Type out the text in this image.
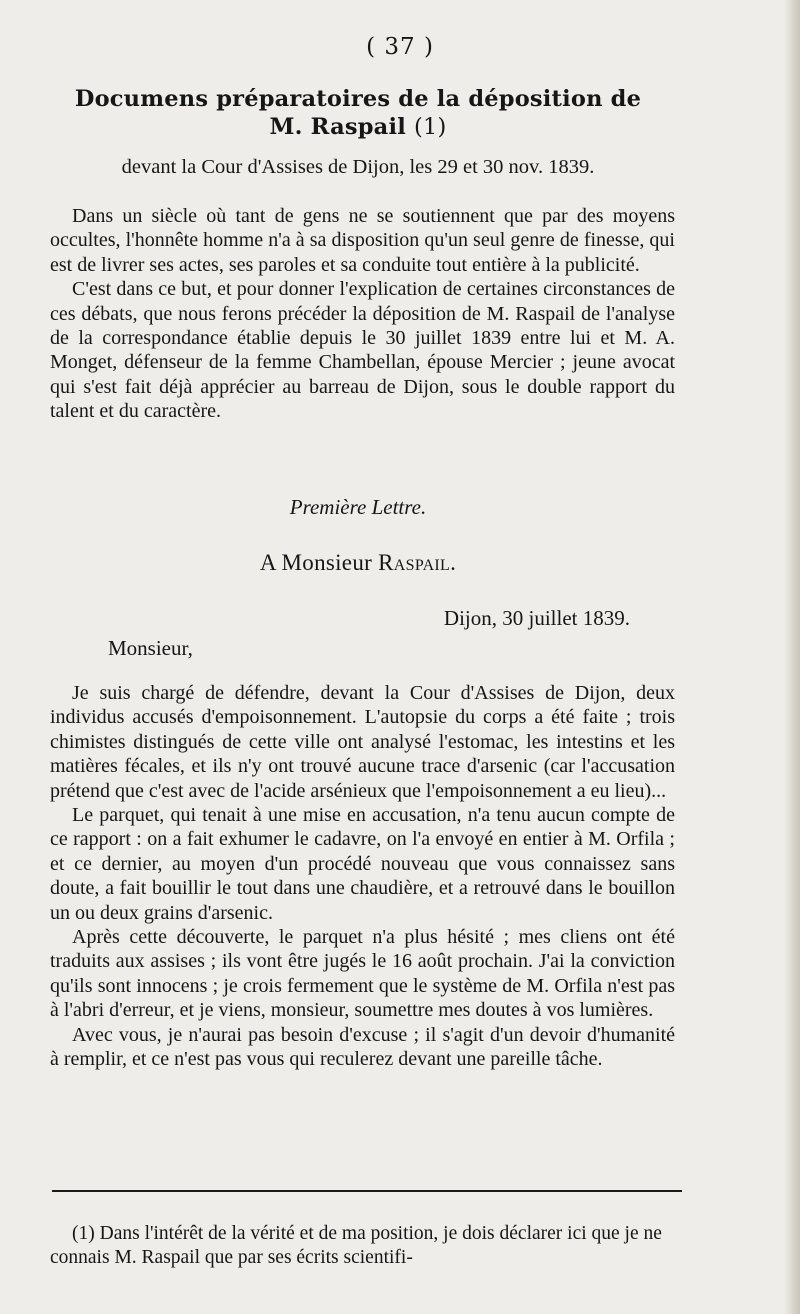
( 37 )
Documens préparatoires de la déposition de
M. Raspail (1)
devant la Cour d'Assises de Dijon, les 29 et 30 nov. 1839.

Dans un siècle où tant de gens ne se soutiennent que par des moyens occultes, l'honnête homme n'a à sa disposition qu'un seul genre de finesse, qui est de livrer ses actes, ses paroles et sa conduite tout entière à la publicité.

C'est dans ce but, et pour donner l'explication de certaines circonstances de ces débats, que nous ferons précéder la déposition de M. Raspail de l'analyse de la correspondance établie depuis le 30 juillet 1839 entre lui et M. A. Monget, défenseur de la femme Chambellan, épouse Mercier ; jeune avocat qui s'est fait déjà apprécier au barreau de Dijon, sous le double rapport du talent et du caractère.

Première Lettre.
A Monsieur Raspail.
Dijon, 30 juillet 1839.
Monsieur,

Je suis chargé de défendre, devant la Cour d'Assises de Dijon, deux individus accusés d'empoisonnement. L'autopsie du corps a été faite ; trois chimistes distingués de cette ville ont analysé l'estomac, les intestins et les matières fécales, et ils n'y ont trouvé aucune trace d'arsenic (car l'accusation prétend que c'est avec de l'acide arsénieux que l'empoisonnement a eu lieu)...

Le parquet, qui tenait à une mise en accusation, n'a tenu aucun compte de ce rapport : on a fait exhumer le cadavre, on l'a envoyé en entier à M. Orfila ; et ce dernier, au moyen d'un procédé nouveau que vous connaissez sans doute, a fait bouillir le tout dans une chaudière, et a retrouvé dans le bouillon un ou deux grains d'arsenic.

Après cette découverte, le parquet n'a plus hésité ; mes cliens ont été traduits aux assises ; ils vont être jugés le 16 août prochain. J'ai la conviction qu'ils sont innocens ; je crois fermement que le système de M. Orfila n'est pas à l'abri d'erreur, et je viens, monsieur, soumettre mes doutes à vos lumières.

Avec vous, je n'aurai pas besoin d'excuse ; il s'agit d'un devoir d'humanité à remplir, et ce n'est pas vous qui reculerez devant une pareille tâche.

(1) Dans l'intérêt de la vérité et de ma position, je dois déclarer ici que je ne connais M. Raspail que par ses écrits scientifi-
